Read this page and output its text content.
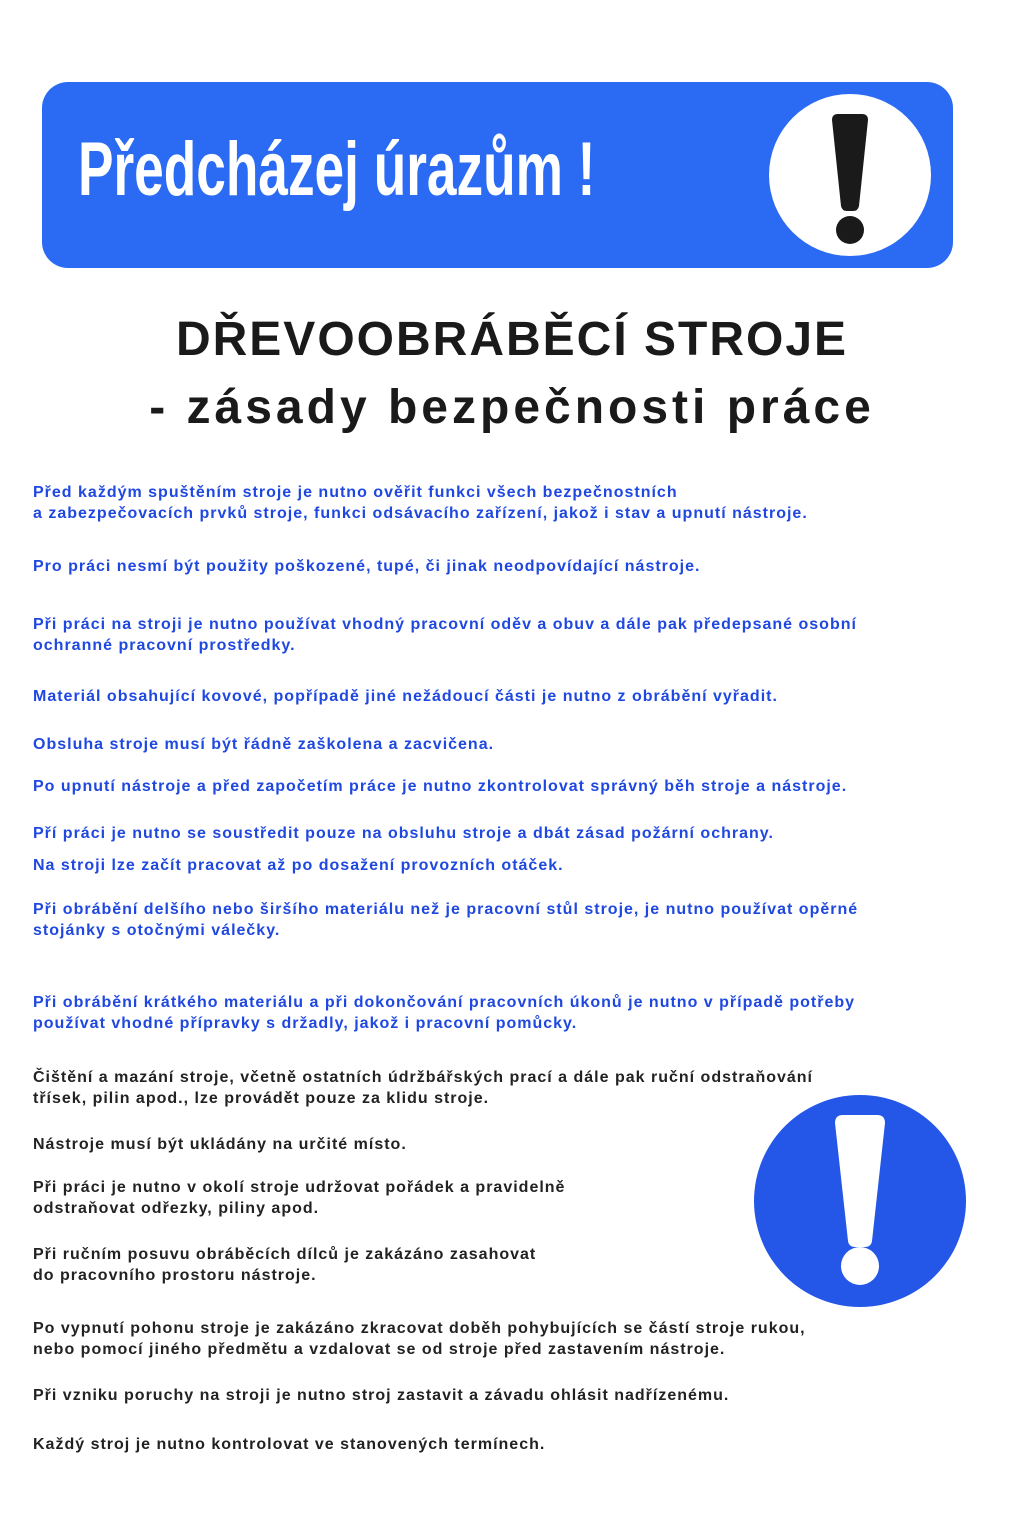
Předcházej úrazům !
DŘEVOOBRÁBĚCÍ STROJE
- zásady bezpečnosti práce
Před každým spuštěním stroje je nutno ověřit funkci všech bezpečnostních
a zabezpečovacích prvků stroje, funkci odsávacího zařízení, jakož i stav a upnutí nástroje.
Pro práci nesmí být použity poškozené, tupé, či jinak neodpovídající nástroje.
Při práci na stroji je nutno používat vhodný pracovní oděv a obuv a dále pak předepsané osobní
ochranné pracovní prostředky.
Materiál obsahující kovové, popřípadě jiné nežádoucí části je nutno z obrábění vyřadit.
Obsluha stroje musí být řádně zaškolena a zacvičena.
Po upnutí nástroje a před započetím práce je nutno zkontrolovat správný běh stroje a nástroje.
Pří práci je nutno se soustředit pouze na obsluhu stroje a dbát zásad požární ochrany.
Na stroji lze začít pracovat až po dosažení provozních otáček.
Při obrábění delšího nebo širšího materiálu než je pracovní stůl stroje, je nutno používat opěrné
stojánky s otočnými válečky.
Při obrábění krátkého materiálu a při dokončování pracovních úkonů je nutno v případě potřeby
používat vhodné přípravky s držadly, jakož i pracovní pomůcky.
Čištění a mazání stroje, včetně ostatních údržbářských prací a dále pak ruční odstraňování
třísek, pilin apod., lze provádět pouze za klidu stroje.
Nástroje musí být ukládány na určité místo.
Při práci je nutno v okolí stroje udržovat pořádek a pravidelně
odstraňovat odřezky, piliny apod.
Při ručním posuvu obráběcích dílců je zakázáno zasahovat
do pracovního prostoru nástroje.
Po vypnutí pohonu stroje je zakázáno zkracovat doběh pohybujících se částí stroje rukou,
nebo pomocí jiného předmětu a vzdalovat se od stroje před zastavením nástroje.
Při vzniku poruchy na stroji je nutno stroj zastavit a závadu ohlásit nadřízenému.
Každý stroj je nutno kontrolovat ve stanovených termínech.
